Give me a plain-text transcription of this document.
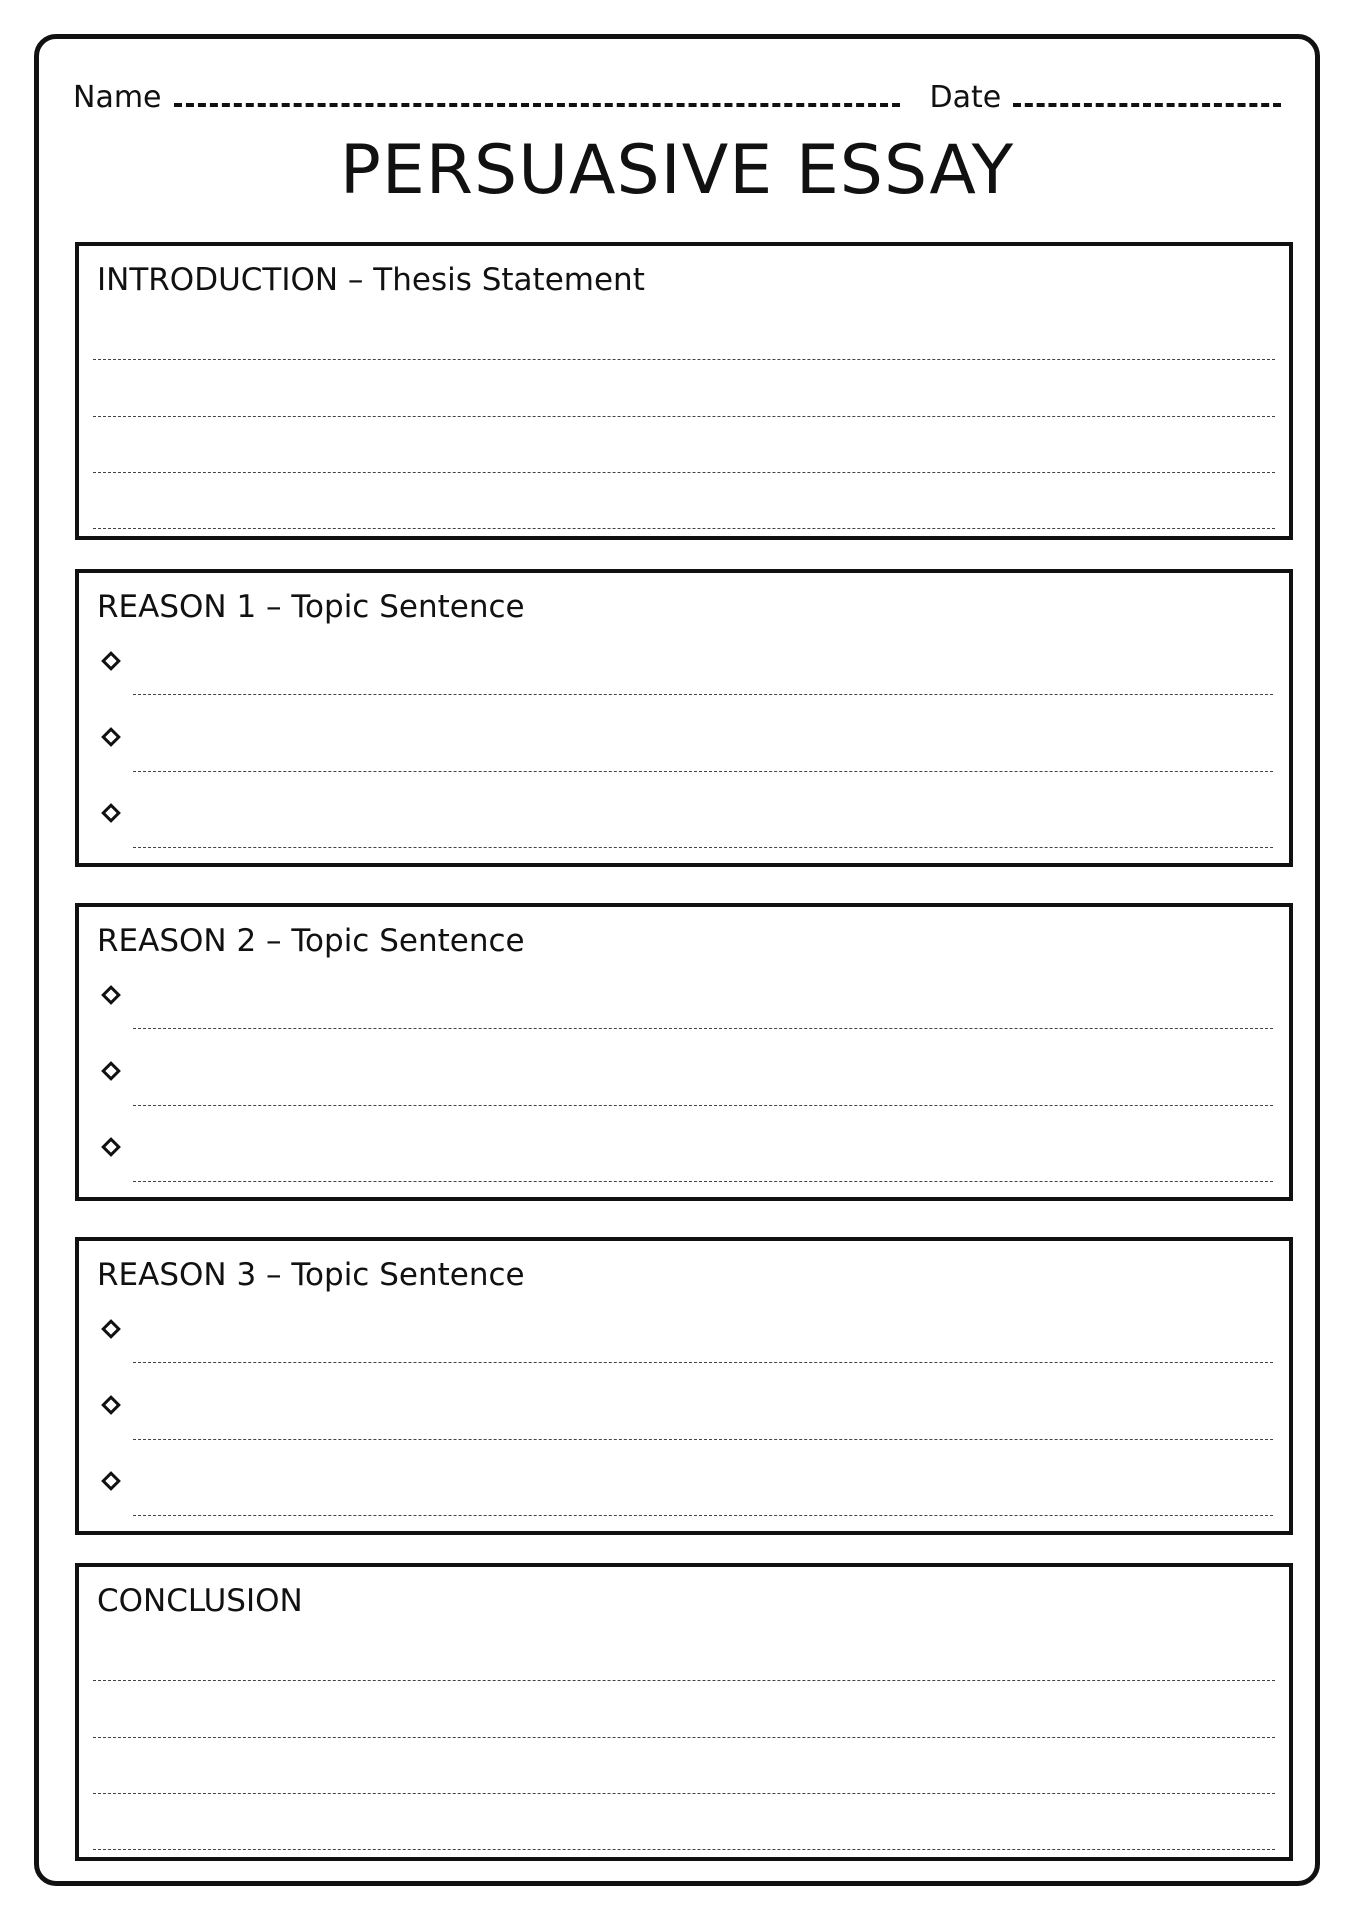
Name	Date
PERSUASIVE ESSAY
INTRODUCTION – Thesis Statement
REASON 1 – Topic Sentence
REASON 2 – Topic Sentence
REASON 3 – Topic Sentence
CONCLUSION
